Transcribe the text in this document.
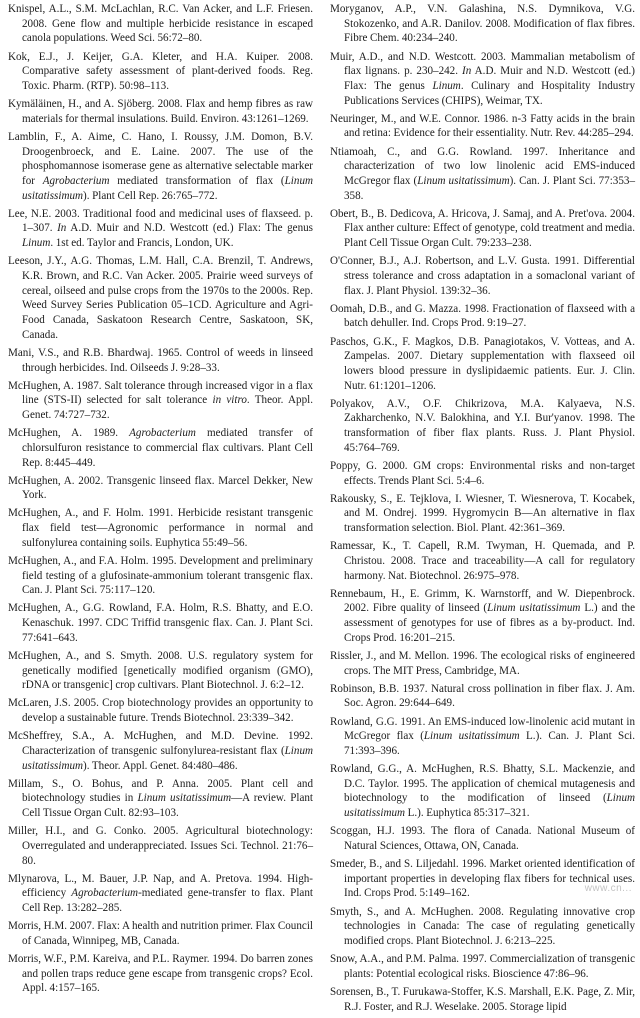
Knispel, A.L., S.M. McLachlan, R.C. Van Acker, and L.F. Friesen. 2008. Gene flow and multiple herbicide resistance in escaped canola populations. Weed Sci. 56:72–80.

Kok, E.J., J. Keijer, G.A. Kleter, and H.A. Kuiper. 2008. Comparative safety assessment of plant-derived foods. Reg. Toxic. Pharm. (RTP). 50:98–113.

Kymäläinen, H., and A. Sjöberg. 2008. Flax and hemp fibres as raw materials for thermal insulations. Build. Environ. 43:1261–1269.

Lamblin, F., A. Aime, C. Hano, I. Roussy, J.M. Domon, B.V. Droogenbroeck, and E. Laine. 2007. The use of the phosphomannose isomerase gene as alternative selectable marker for Agrobacterium mediated transformation of flax (Linum usitatissimum). Plant Cell Rep. 26:765–772.

Lee, N.E. 2003. Traditional food and medicinal uses of flaxseed. p. 1–307. In A.D. Muir and N.D. Westcott (ed.) Flax: The genus Linum. 1st ed. Taylor and Francis, London, UK.

Leeson, J.Y., A.G. Thomas, L.M. Hall, C.A. Brenzil, T. Andrews, K.R. Brown, and R.C. Van Acker. 2005. Prairie weed surveys of cereal, oilseed and pulse crops from the 1970s to the 2000s. Rep. Weed Survey Series Publication 05–1CD. Agriculture and Agri-Food Canada, Saskatoon Research Centre, Saskatoon, SK, Canada.

Mani, V.S., and R.B. Bhardwaj. 1965. Control of weeds in linseed through herbicides. Ind. Oilseeds J. 9:28–33.

McHughen, A. 1987. Salt tolerance through increased vigor in a flax line (STS-II) selected for salt tolerance in vitro. Theor. Appl. Genet. 74:727–732.

McHughen, A. 1989. Agrobacterium mediated transfer of chlorsulfuron resistance to commercial flax cultivars. Plant Cell Rep. 8:445–449.

McHughen, A. 2002. Transgenic linseed flax. Marcel Dekker, New York.

McHughen, A., and F. Holm. 1991. Herbicide resistant transgenic flax field test—Agronomic performance in normal and sulfonylurea containing soils. Euphytica 55:49–56.

McHughen, A., and F.A. Holm. 1995. Development and preliminary field testing of a glufosinate-ammonium tolerant transgenic flax. Can. J. Plant Sci. 75:117–120.

McHughen, A., G.G. Rowland, F.A. Holm, R.S. Bhatty, and E.O. Kenaschuk. 1997. CDC Triffid transgenic flax. Can. J. Plant Sci. 77:641–643.

McHughen, A., and S. Smyth. 2008. U.S. regulatory system for genetically modified [genetically modified organism (GMO), rDNA or transgenic] crop cultivars. Plant Biotechnol. J. 6:2–12.

McLaren, J.S. 2005. Crop biotechnology provides an opportunity to develop a sustainable future. Trends Biotechnol. 23:339–342.

McSheffrey, S.A., A. McHughen, and M.D. Devine. 1992. Characterization of transgenic sulfonylurea-resistant flax (Linum usitatissimum). Theor. Appl. Genet. 84:480–486.

Millam, S., O. Bohus, and P. Anna. 2005. Plant cell and biotechnology studies in Linum usitatissimum—A review. Plant Cell Tissue Organ Cult. 82:93–103.

Miller, H.I., and G. Conko. 2005. Agricultural biotechnology: Overregulated and underappreciated. Issues Sci. Technol. 21:76–80.

Mlynarova, L., M. Bauer, J.P. Nap, and A. Pretova. 1994. High-efficiency Agrobacterium-mediated gene-transfer to flax. Plant Cell Rep. 13:282–285.

Morris, H.M. 2007. Flax: A health and nutrition primer. Flax Council of Canada, Winnipeg, MB, Canada.

Morris, W.F., P.M. Kareiva, and P.L. Raymer. 1994. Do barren zones and pollen traps reduce gene escape from transgenic crops? Ecol. Appl. 4:157–165.

Moryganov, A.P., V.N. Galashina, N.S. Dymnikova, V.G. Stokozenko, and A.R. Danilov. 2008. Modification of flax fibres. Fibre Chem. 40:234–240.

Muir, A.D., and N.D. Westcott. 2003. Mammalian metabolism of flax lignans. p. 230–242. In A.D. Muir and N.D. Westcott (ed.) Flax: The genus Linum. Culinary and Hospitality Industry Publications Services (CHIPS), Weimar, TX.

Neuringer, M., and W.E. Connor. 1986. n-3 Fatty acids in the brain and retina: Evidence for their essentiality. Nutr. Rev. 44:285–294.

Ntiamoah, C., and G.G. Rowland. 1997. Inheritance and characterization of two low linolenic acid EMS-induced McGregor flax (Linum usitatissimum). Can. J. Plant Sci. 77:353–358.

Obert, B., B. Dedicova, A. Hricova, J. Samaj, and A. Pret'ova. 2004. Flax anther culture: Effect of genotype, cold treatment and media. Plant Cell Tissue Organ Cult. 79:233–238.

O'Conner, B.J., A.J. Robertson, and L.V. Gusta. 1991. Differential stress tolerance and cross adaptation in a somaclonal variant of flax. J. Plant Physiol. 139:32–36.

Oomah, D.B., and G. Mazza. 1998. Fractionation of flaxseed with a batch dehuller. Ind. Crops Prod. 9:19–27.

Paschos, G.K., F. Magkos, D.B. Panagiotakos, V. Votteas, and A. Zampelas. 2007. Dietary supplementation with flaxseed oil lowers blood pressure in dyslipidaemic patients. Eur. J. Clin. Nutr. 61:1201–1206.

Polyakov, A.V., O.F. Chikrizova, M.A. Kalyaeva, N.S. Zakharchenko, N.V. Balokhina, and Y.I. Bur'yanov. 1998. The transformation of fiber flax plants. Russ. J. Plant Physiol. 45:764–769.

Poppy, G. 2000. GM crops: Environmental risks and non-target effects. Trends Plant Sci. 5:4–6.

Rakousky, S., E. Tejklova, I. Wiesner, T. Wiesnerova, T. Kocabek, and M. Ondrej. 1999. Hygromycin B—An alternative in flax transformation selection. Biol. Plant. 42:361–369.

Ramessar, K., T. Capell, R.M. Twyman, H. Quemada, and P. Christou. 2008. Trace and traceability—A call for regulatory harmony. Nat. Biotechnol. 26:975–978.

Rennebaum, H., E. Grimm, K. Warnstorff, and W. Diepenbrock. 2002. Fibre quality of linseed (Linum usitatissimum L.) and the assessment of genotypes for use of fibres as a by-product. Ind. Crops Prod. 16:201–215.

Rissler, J., and M. Mellon. 1996. The ecological risks of engineered crops. The MIT Press, Cambridge, MA.

Robinson, B.B. 1937. Natural cross pollination in fiber flax. J. Am. Soc. Agron. 29:644–649.

Rowland, G.G. 1991. An EMS-induced low-linolenic acid mutant in McGregor flax (Linum usitatissimum L.). Can. J. Plant Sci. 71:393–396.

Rowland, G.G., A. McHughen, R.S. Bhatty, S.L. Mackenzie, and D.C. Taylor. 1995. The application of chemical mutagenesis and biotechnology to the modification of linseed (Linum usitatissimum L.). Euphytica 85:317–321.

Scoggan, H.J. 1993. The flora of Canada. National Museum of Natural Sciences, Ottawa, ON, Canada.

Smeder, B., and S. Liljedahl. 1996. Market oriented identification of important properties in developing flax fibers for technical uses. Ind. Crops Prod. 5:149–162.

Smyth, S., and A. McHughen. 2008. Regulating innovative crop technologies in Canada: The case of regulating genetically modified crops. Plant Biotechnol. J. 6:213–225.

Snow, A.A., and P.M. Palma. 1997. Commercialization of transgenic plants: Potential ecological risks. Bioscience 47:86–96.

Sorensen, B., T. Furukawa-Stoffer, K.S. Marshall, E.K. Page, Z. Mir, R.J. Foster, and R.J. Weselake. 2005. Storage lipid

www.cn...
